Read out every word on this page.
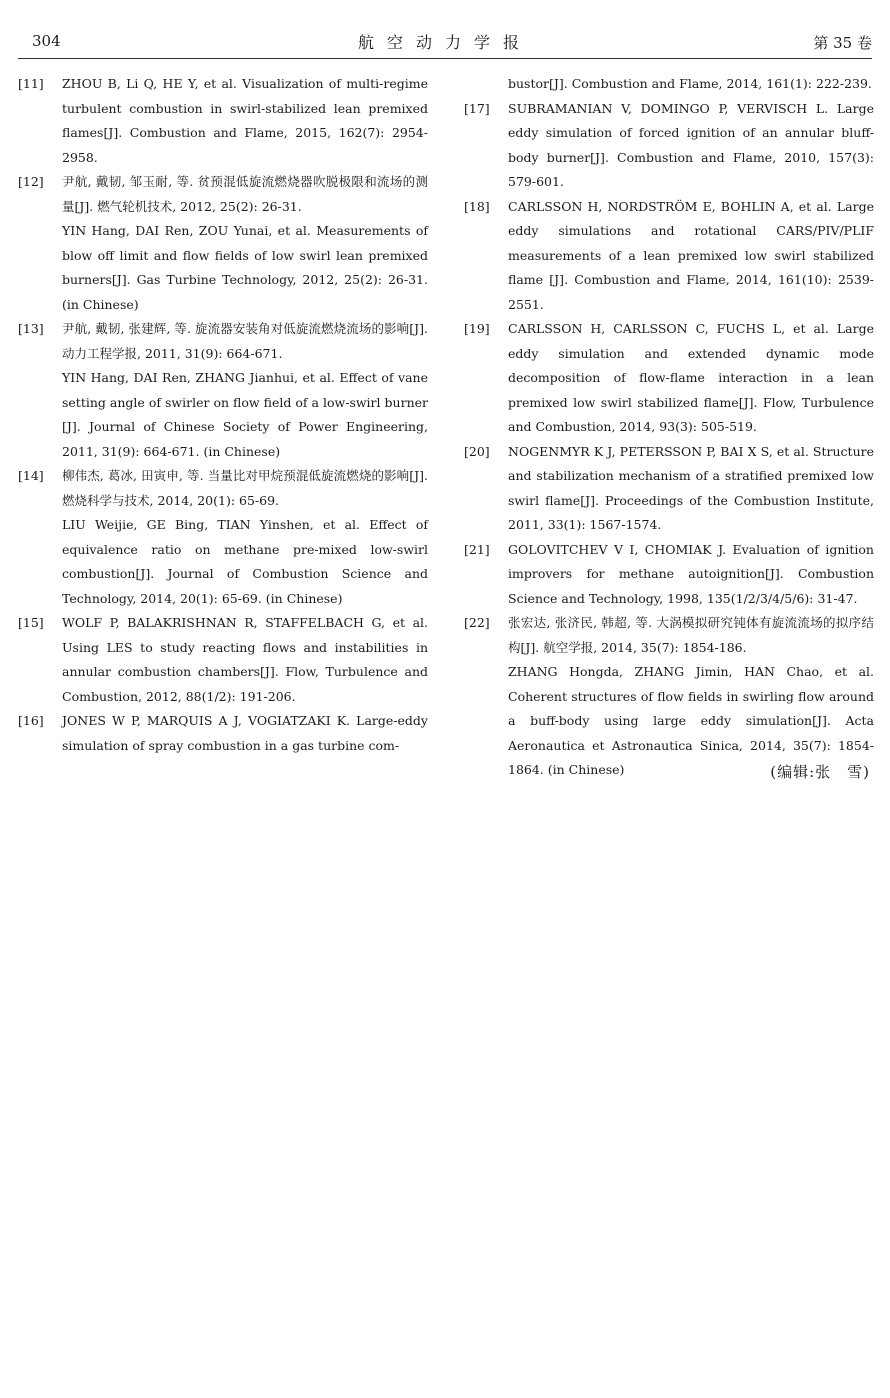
304	航空动力学报	第 35 卷
[11] ZHOU B, Li Q, HE Y, et al. Visualization of multi-regime turbulent combustion in swirl-stabilized lean premixed flames[J]. Combustion and Flame, 2015, 162(7): 2954-2958.

[12] 尹航, 戴韧, 邹玉耐, 等. 贫预混低旋流燃烧器吹脱极限和流场的测量[J]. 燃气轮机技术, 2012, 25(2): 26-31.

YIN Hang, DAI Ren, ZOU Yunai, et al. Measurements of blow off limit and flow fields of low swirl lean premixed burners[J]. Gas Turbine Technology, 2012, 25(2): 26-31. (in Chinese)

[13] 尹航, 戴韧, 张建辉, 等. 旋流器安装角对低旋流燃烧流场的影响[J]. 动力工程学报, 2011, 31(9): 664-671.

YIN Hang, DAI Ren, ZHANG Jianhui, et al. Effect of vane setting angle of swirler on flow field of a low-swirl burner [J]. Journal of Chinese Society of Power Engineering, 2011, 31(9): 664-671. (in Chinese)

[14] 柳伟杰, 葛冰, 田寅申, 等. 当量比对甲烷预混低旋流燃烧的影响[J]. 燃烧科学与技术, 2014, 20(1): 65-69.

LIU Weijie, GE Bing, TIAN Yinshen, et al. Effect of equivalence ratio on methane pre-mixed low-swirl combustion[J]. Journal of Combustion Science and Technology, 2014, 20(1): 65-69. (in Chinese)

[15] WOLF P, BALAKRISHNAN R, STAFFELBACH G, et al. Using LES to study reacting flows and instabilities in annular combustion chambers[J]. Flow, Turbulence and Combustion, 2012, 88(1/2): 191-206.

[16] JONES W P, MARQUIS A J, VOGIATZAKI K. Large-eddy simulation of spray combustion in a gas turbine com-

bustor[J]. Combustion and Flame, 2014, 161(1): 222-239.

[17] SUBRAMANIAN V, DOMINGO P, VERVISCH L. Large eddy simulation of forced ignition of an annular bluff-body burner[J]. Combustion and Flame, 2010, 157(3): 579-601.

[18] CARLSSON H, NORDSTRÖM E, BOHLIN A, et al. Large eddy simulations and rotational CARS/PIV/PLIF measurements of a lean premixed low swirl stabilized flame [J]. Combustion and Flame, 2014, 161(10): 2539-2551.

[19] CARLSSON H, CARLSSON C, FUCHS L, et al. Large eddy simulation and extended dynamic mode decomposition of flow-flame interaction in a lean premixed low swirl stabilized flame[J]. Flow, Turbulence and Combustion, 2014, 93(3): 505-519.

[20] NOGENMYR K J, PETERSSON P, BAI X S, et al. Structure and stabilization mechanism of a stratified premixed low swirl flame[J]. Proceedings of the Combustion Institute, 2011, 33(1): 1567-1574.

[21] GOLOVITCHEV V I, CHOMIAK J. Evaluation of ignition improvers for methane autoignition[J]. Combustion Science and Technology, 1998, 135(1/2/3/4/5/6): 31-47.

[22] 张宏达, 张济民, 韩超, 等. 大涡模拟研究钝体有旋流流场的拟序结构[J]. 航空学报, 2014, 35(7): 1854-186.

ZHANG Hongda, ZHANG Jimin, HAN Chao, et al. Coherent structures of flow fields in swirling flow around a buff-body using large eddy simulation[J]. Acta Aeronautica et Astronautica Sinica, 2014, 35(7): 1854-1864. (in Chinese)	(编辑:张　雪)
